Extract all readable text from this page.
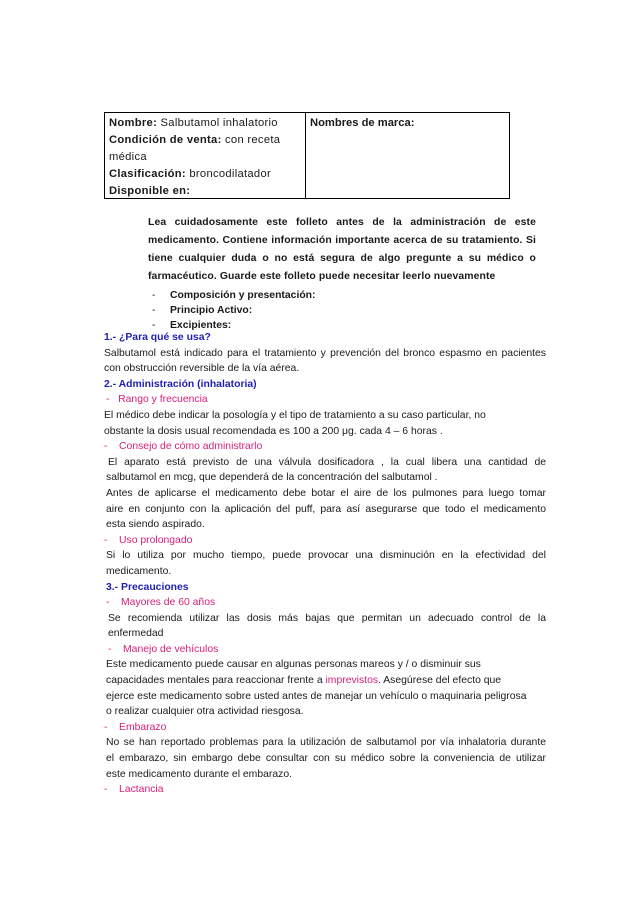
Nombre: Salbutamol inhalatorio
Condición de venta: con receta
médica
Clasificación: broncodilatador
Disponible en:
Nombres de marca:
Lea cuidadosamente este folleto antes de la administración de este
medicamento. Contiene información importante acerca de su tratamiento. Si
tiene cualquier duda o no está segura de algo pregunte a su médico o
farmacéutico. Guarde este folleto puede necesitar leerlo nuevamente
-	Composición y presentación:
-	Principio Activo:
-	Excipientes:
1.- ¿Para qué se usa?
Salbutamol está indicado para el tratamiento y prevención del bronco espasmo en pacientes
con obstrucción reversible de la vía aérea.
2.- Administración (inhalatoria)
- Rango y frecuencia
El médico debe indicar la posología y el tipo de tratamiento a su caso particular, no
obstante la dosis usual recomendada es 100 a 200 μg. cada 4 – 6 horas .
- Consejo de cómo administrarlo
El aparato está previsto de una válvula dosificadora , la cual libera una cantidad de
salbutamol en mcg, que dependerá de la concentración del salbutamol .
Antes de aplicarse el medicamento debe botar el aire de los pulmones para luego tomar
aire en conjunto con la aplicación del puff, para así asegurarse que todo el medicamento
esta siendo aspirado.
- Uso prolongado
Si lo utiliza por mucho tiempo, puede provocar una disminución en la efectividad del
medicamento.
3.- Precauciones
- Mayores de 60 años
Se recomienda utilizar las dosis más bajas que permitan un adecuado control de la
enfermedad
- Manejo de vehículos
Este medicamento puede causar en algunas personas mareos y / o disminuir sus
capacidades mentales para reaccionar frente a imprevistos. Asegúrese del efecto que
ejerce este medicamento sobre usted antes de manejar un vehículo o maquinaria peligrosa
o realizar cualquier otra actividad riesgosa.
- Embarazo
No se han reportado problemas para la utilización de salbutamol por vía inhalatoria durante
el embarazo, sin embargo debe consultar con su médico sobre la conveniencia de utilizar
este medicamento durante el embarazo.
- Lactancia
